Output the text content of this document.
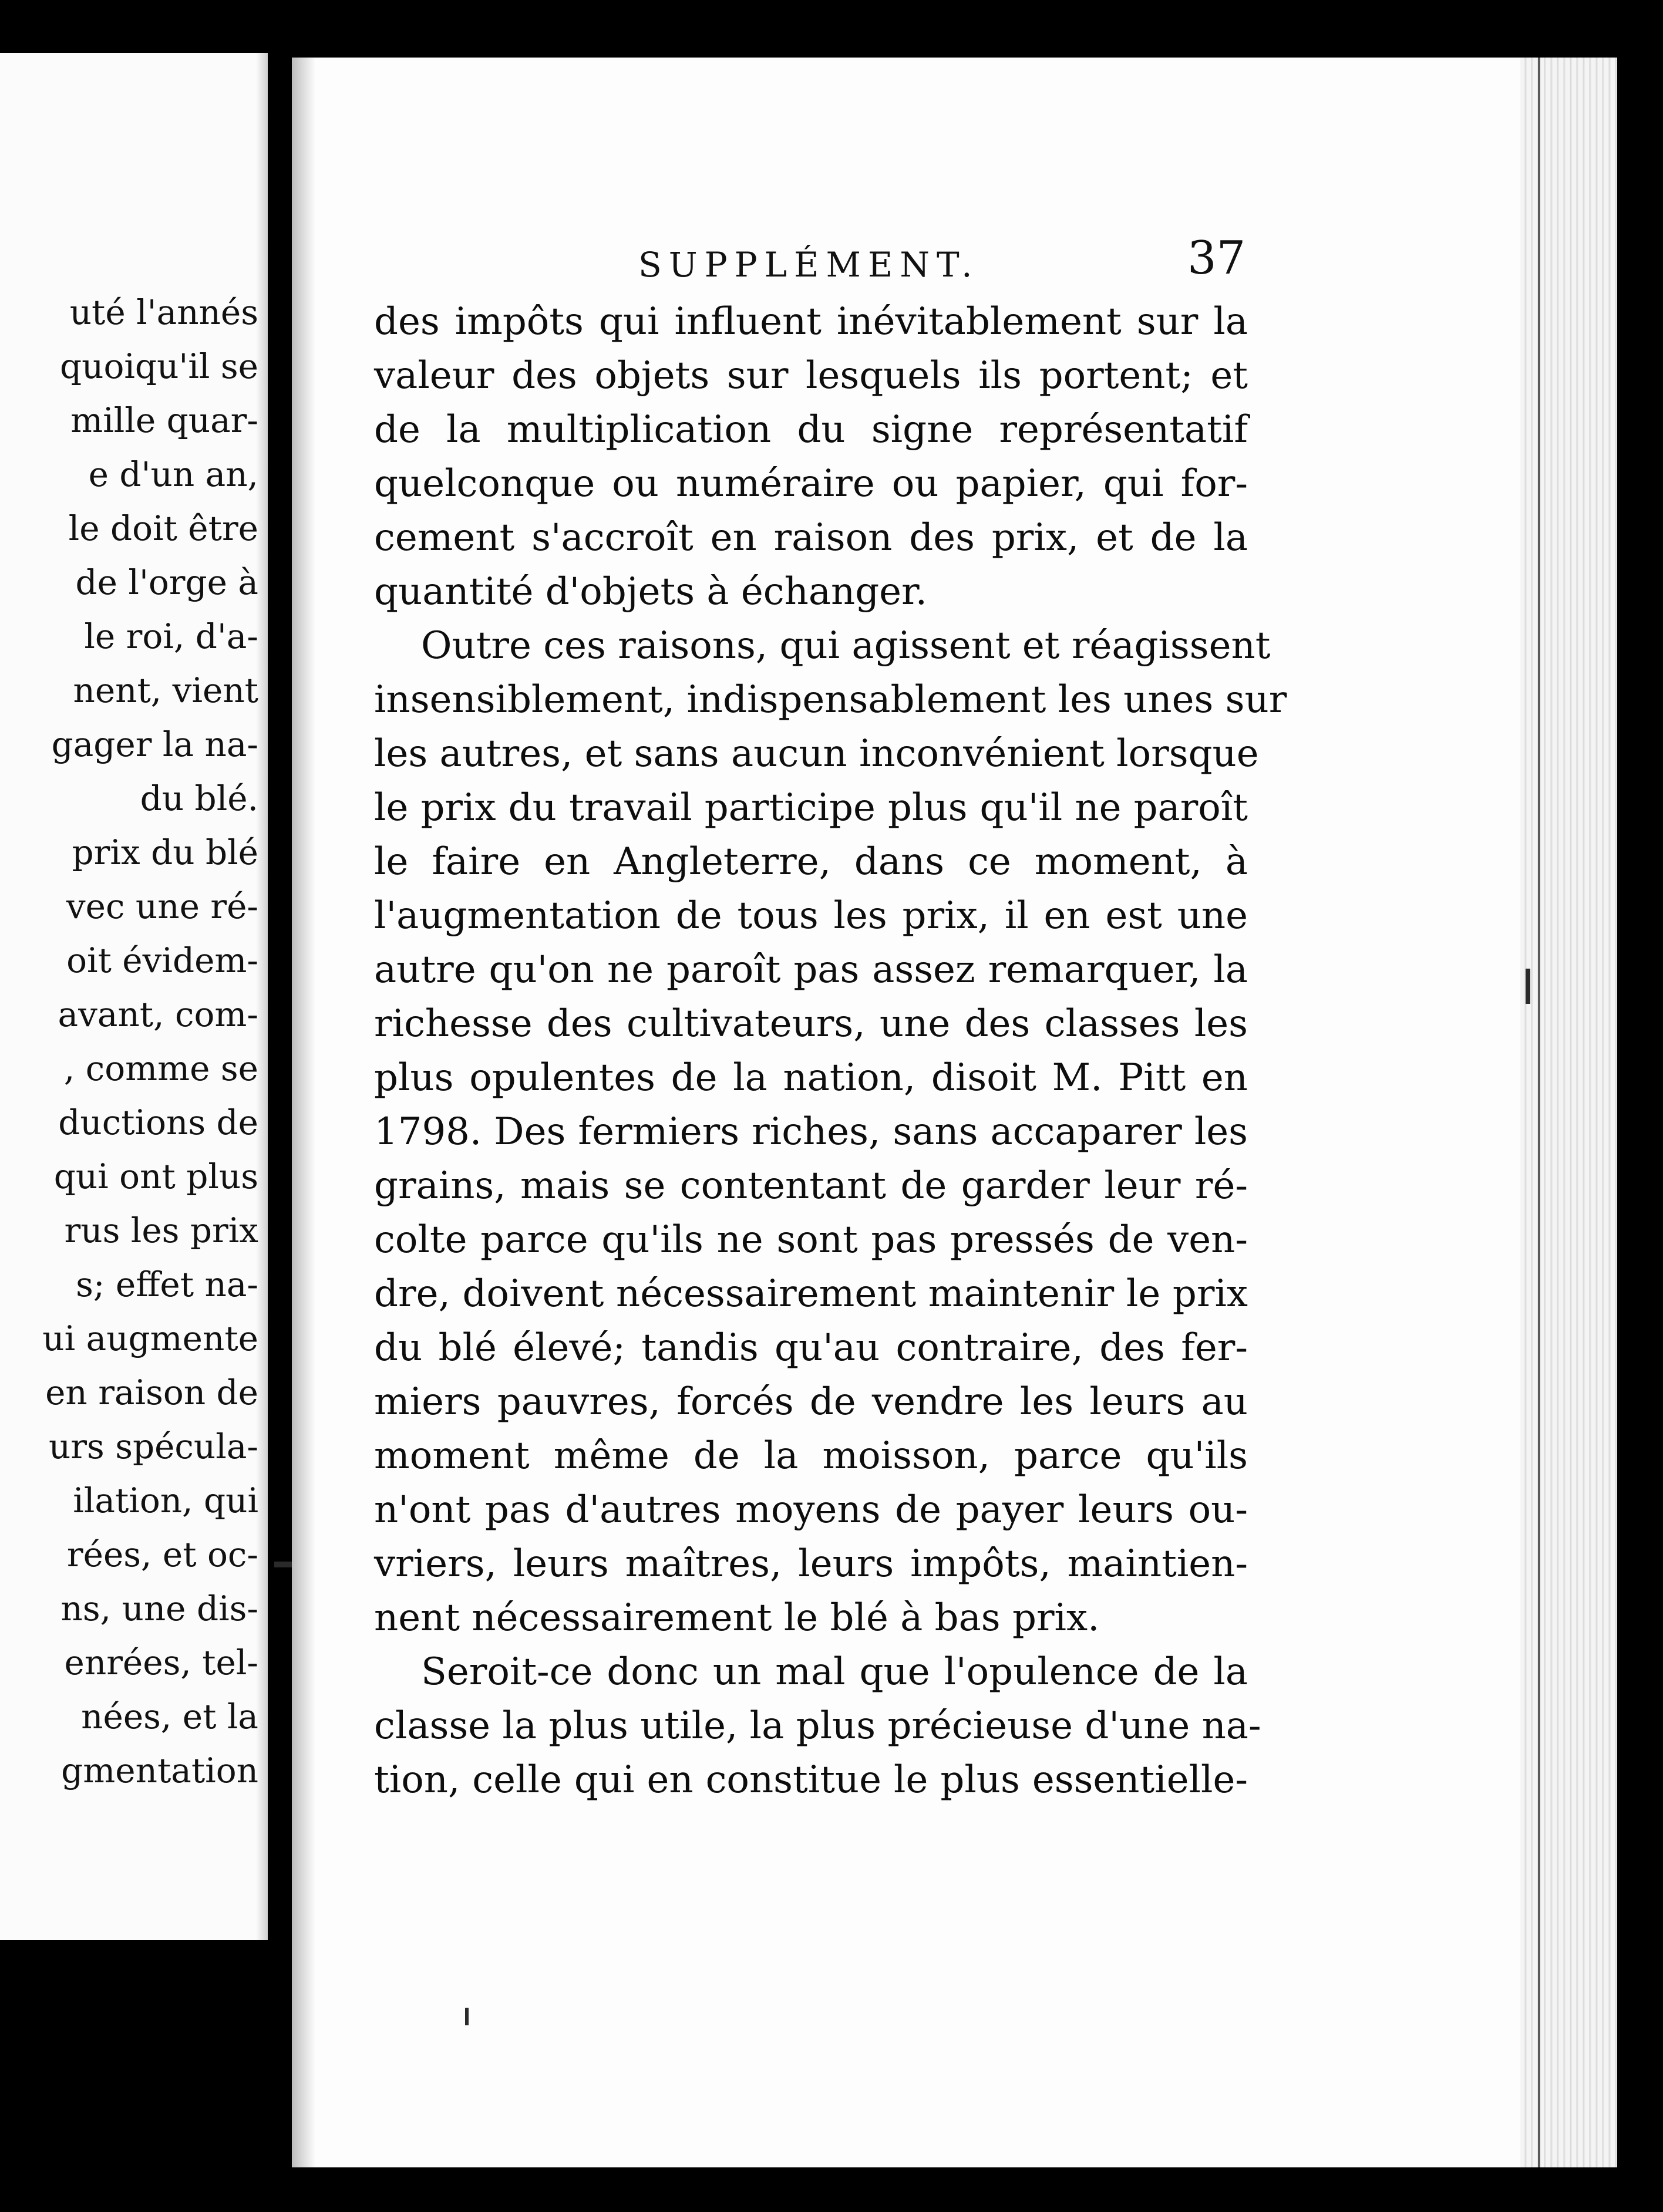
uté l'annés
quoiqu'il se
mille quar-
e d'un an,
le doit être
de l'orge à
le roi, d'a-
nent, vient
gager la na-
du blé.
prix du blé
vec une ré-
oit évidem-
avant, com-
, comme se
ductions de
qui ont plus
rus les prix
s; effet na-
ui augmente
en raison de
urs spécula-
ilation, qui
rées, et oc-
ns, une dis-
enrées, tel-
nées, et la
gmentation
SUPPLÉMENT.	37
des impôts qui influent inévitablement sur la
valeur des objets sur lesquels ils portent; et
de la multiplication du signe représentatif
quelconque ou numéraire ou papier, qui for-
cement s'accroît en raison des prix, et de la
quantité d'objets à échanger.
Outre ces raisons, qui agissent et réagissent
insensiblement, indispensablement les unes sur
les autres, et sans aucun inconvénient lorsque
le prix du travail participe plus qu'il ne paroît
le faire en Angleterre, dans ce moment, à
l'augmentation de tous les prix, il en est une
autre qu'on ne paroît pas assez remarquer, la
richesse des cultivateurs, une des classes les
plus opulentes de la nation, disoit M. Pitt en
1798. Des fermiers riches, sans accaparer les
grains, mais se contentant de garder leur ré-
colte parce qu'ils ne sont pas pressés de ven-
dre, doivent nécessairement maintenir le prix
du blé élevé; tandis qu'au contraire, des fer-
miers pauvres, forcés de vendre les leurs au
moment même de la moisson, parce qu'ils
n'ont pas d'autres moyens de payer leurs ou-
vriers, leurs maîtres, leurs impôts, maintien-
nent nécessairement le blé à bas prix.
Seroit-ce donc un mal que l'opulence de la
classe la plus utile, la plus précieuse d'une na-
tion, celle qui en constitue le plus essentielle-
